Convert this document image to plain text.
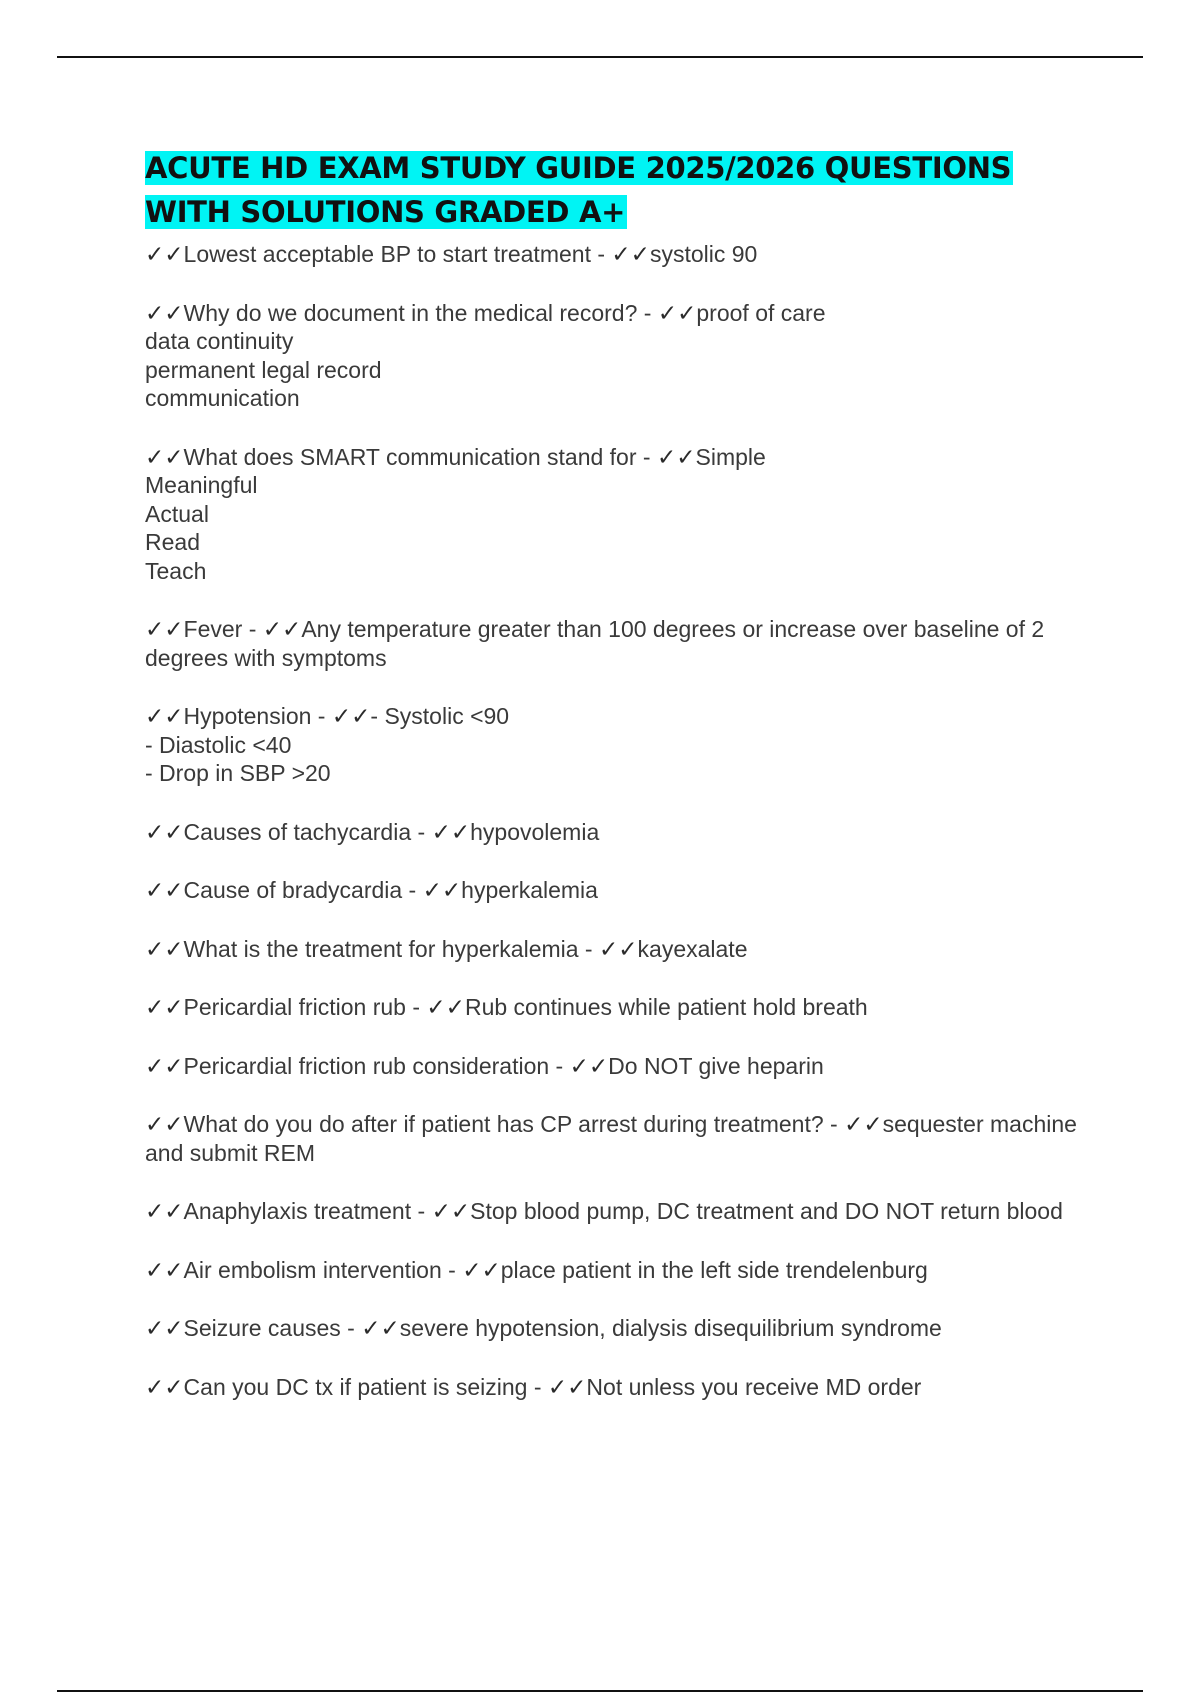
ACUTE HD EXAM STUDY GUIDE 2025/2026 QUESTIONS
WITH SOLUTIONS GRADED A+
✓✓Lowest acceptable BP to start treatment - ✓✓systolic 90
✓✓Why do we document in the medical record? - ✓✓proof of care
data continuity
permanent legal record
communication
✓✓What does SMART communication stand for - ✓✓Simple
Meaningful
Actual
Read
Teach
✓✓Fever - ✓✓Any temperature greater than 100 degrees or increase over baseline of 2 degrees with symptoms
✓✓Hypotension - ✓✓- Systolic <90
- Diastolic <40
- Drop in SBP >20
✓✓Causes of tachycardia - ✓✓hypovolemia
✓✓Cause of bradycardia - ✓✓hyperkalemia
✓✓What is the treatment for hyperkalemia - ✓✓kayexalate
✓✓Pericardial friction rub - ✓✓Rub continues while patient hold breath
✓✓Pericardial friction rub consideration - ✓✓Do NOT give heparin
✓✓What do you do after if patient has CP arrest during treatment? - ✓✓sequester machine and submit REM
✓✓Anaphylaxis treatment - ✓✓Stop blood pump, DC treatment and DO NOT return blood
✓✓Air embolism intervention - ✓✓place patient in the left side trendelenburg
✓✓Seizure causes - ✓✓severe hypotension, dialysis disequilibrium syndrome
✓✓Can you DC tx if patient is seizing - ✓✓Not unless you receive MD order
